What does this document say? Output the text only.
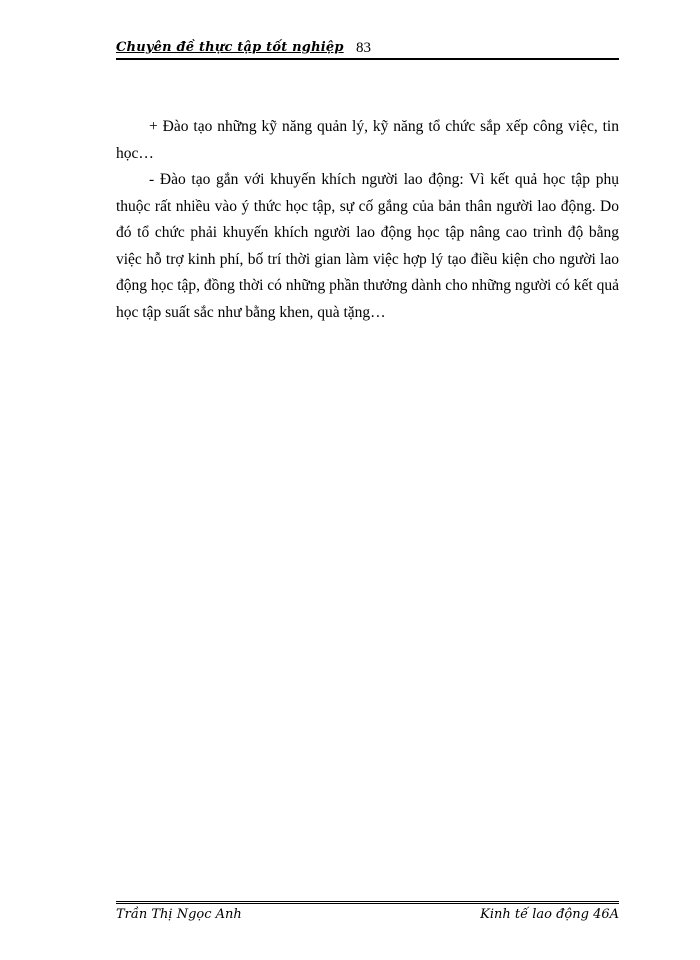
Chuyên đề thực tập tốt nghiệp 83

+ Đào tạo những kỹ năng quản lý, kỹ năng tổ chức sắp xếp công việc, tin học…

- Đào tạo gắn với khuyến khích người lao động: Vì kết quả học tập phụ thuộc rất nhiều vào ý thức học tập, sự cố gắng của bản thân người lao động. Do đó tổ chức phải khuyến khích người lao động học tập nâng cao trình độ bằng việc hỗ trợ kinh phí, bố trí thời gian làm việc hợp lý tạo điều kiện cho người lao động học tập, đồng thời có những phần thưởng dành cho những người có kết quả học tập suất sắc như bằng khen, quà tặng…

Trần Thị Ngọc Anh	Kinh tế lao động 46A
